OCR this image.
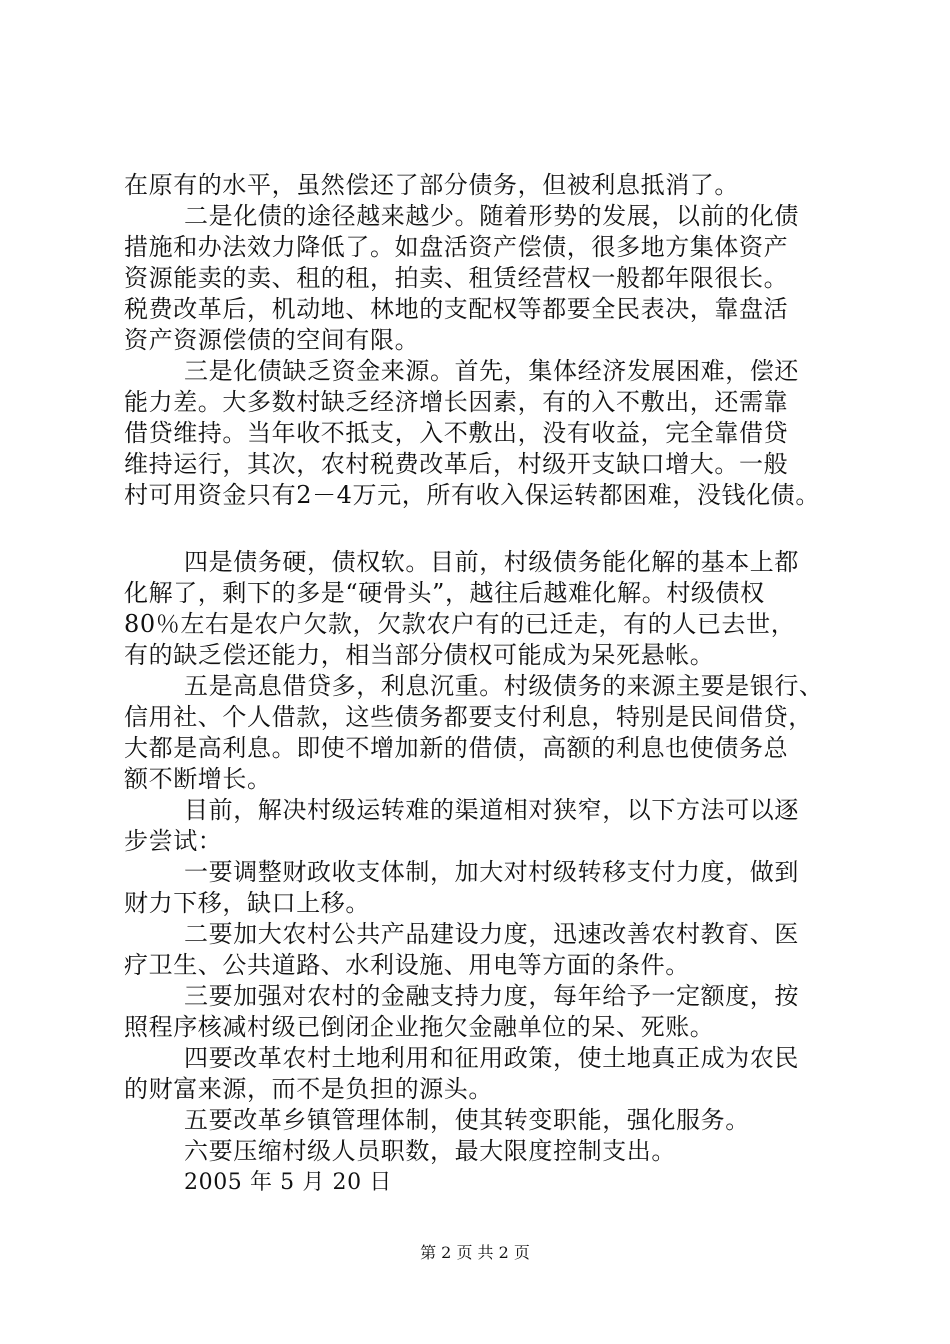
在原有的水平，虽然偿还了部分债务，但被利息抵消了。
二是化债的途径越来越少。随着形势的发展，以前的化债
措施和办法效力降低了。如盘活资产偿债，很多地方集体资产
资源能卖的卖、租的租，拍卖、租赁经营权一般都年限很长。
税费改革后，机动地、林地的支配权等都要全民表决，靠盘活
资产资源偿债的空间有限。
三是化债缺乏资金来源。首先，集体经济发展困难，偿还
能力差。大多数村缺乏经济增长因素，有的入不敷出，还需靠
借贷维持。当年收不抵支，入不敷出，没有收益，完全靠借贷
维持运行，其次，农村税费改革后，村级开支缺口增大。一般
村可用资金只有2－4万元，所有收入保运转都困难，没钱化债。
四是债务硬，债权软。目前，村级债务能化解的基本上都
化解了，剩下的多是“硬骨头”，越往后越难化解。村级债权
80％左右是农户欠款，欠款农户有的已迁走，有的人已去世，
有的缺乏偿还能力，相当部分债权可能成为呆死悬帐。
五是高息借贷多，利息沉重。村级债务的来源主要是银行、
信用社、个人借款，这些债务都要支付利息，特别是民间借贷，
大都是高利息。即使不增加新的借债，高额的利息也使债务总
额不断增长。
目前，解决村级运转难的渠道相对狭窄，以下方法可以逐
步尝试：
一要调整财政收支体制，加大对村级转移支付力度，做到
财力下移，缺口上移。
二要加大农村公共产品建设力度，迅速改善农村教育、医
疗卫生、公共道路、水利设施、用电等方面的条件。
三要加强对农村的金融支持力度，每年给予一定额度，按
照程序核减村级已倒闭企业拖欠金融单位的呆、死账。
四要改革农村土地利用和征用政策，使土地真正成为农民
的财富来源，而不是负担的源头。
五要改革乡镇管理体制，使其转变职能，强化服务。
六要压缩村级人员职数，最大限度控制支出。
2005 年 5 月 20 日
第 2 页 共 2 页
